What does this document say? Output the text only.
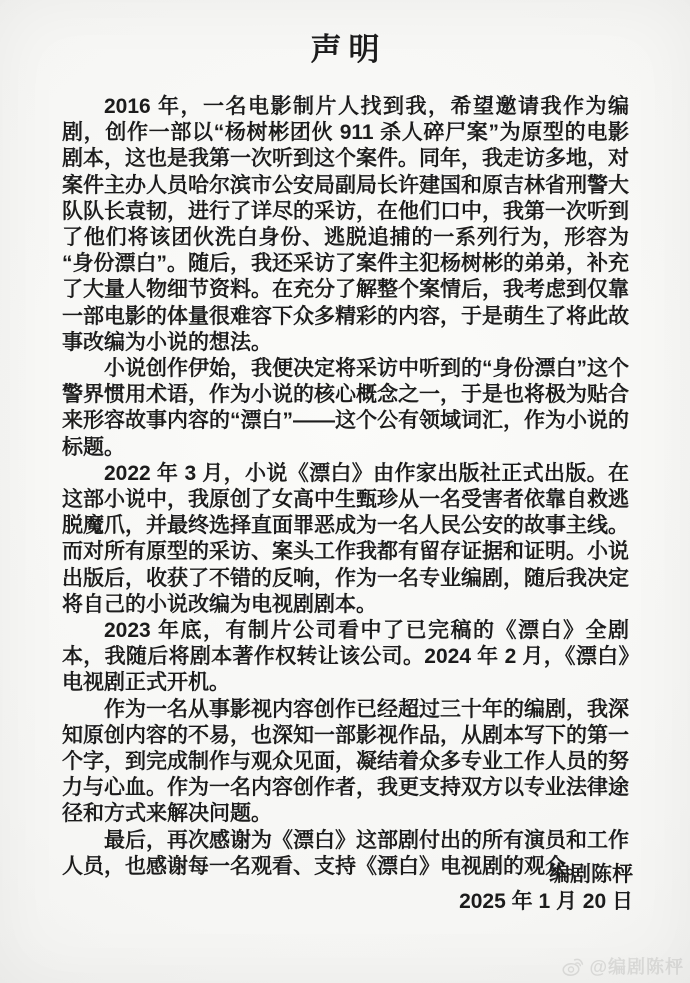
声明

2016 年，一名电影制片人找到我，希望邀请我作为编剧，创作一部以“杨树彬团伙 911 杀人碎尸案”为原型的电影剧本，这也是我第一次听到这个案件。同年，我走访多地，对案件主办人员哈尔滨市公安局副局长许建国和原吉林省刑警大队队长袁韧，进行了详尽的采访，在他们口中，我第一次听到了他们将该团伙洗白身份、逃脱追捕的一系列行为，形容为“身份漂白”。随后，我还采访了案件主犯杨树彬的弟弟，补充了大量人物细节资料。在充分了解整个案情后，我考虑到仅靠一部电影的体量很难容下众多精彩的内容，于是萌生了将此故事改编为小说的想法。

小说创作伊始，我便决定将采访中听到的“身份漂白”这个警界惯用术语，作为小说的核心概念之一，于是也将极为贴合来形容故事内容的“漂白”——这个公有领域词汇，作为小说的标题。

2022 年 3 月，小说《漂白》由作家出版社正式出版。在这部小说中，我原创了女高中生甄珍从一名受害者依靠自救逃脱魔爪，并最终选择直面罪恶成为一名人民公安的故事主线。而对所有原型的采访、案头工作我都有留存证据和证明。小说出版后，收获了不错的反响，作为一名专业编剧，随后我决定将自己的小说改编为电视剧剧本。

2023 年底，有制片公司看中了已完稿的《漂白》全剧本，我随后将剧本著作权转让该公司。2024 年 2 月，《漂白》电视剧正式开机。

作为一名从事影视内容创作已经超过三十年的编剧，我深知原创内容的不易，也深知一部影视作品，从剧本写下的第一个字，到完成制作与观众见面，凝结着众多专业工作人员的努力与心血。作为一名内容创作者，我更支持双方以专业法律途径和方式来解决问题。

最后，再次感谢为《漂白》这部剧付出的所有演员和工作人员，也感谢每一名观看、支持《漂白》电视剧的观众。

编剧陈枰
2025 年 1 月 20 日
@编剧陈枰
